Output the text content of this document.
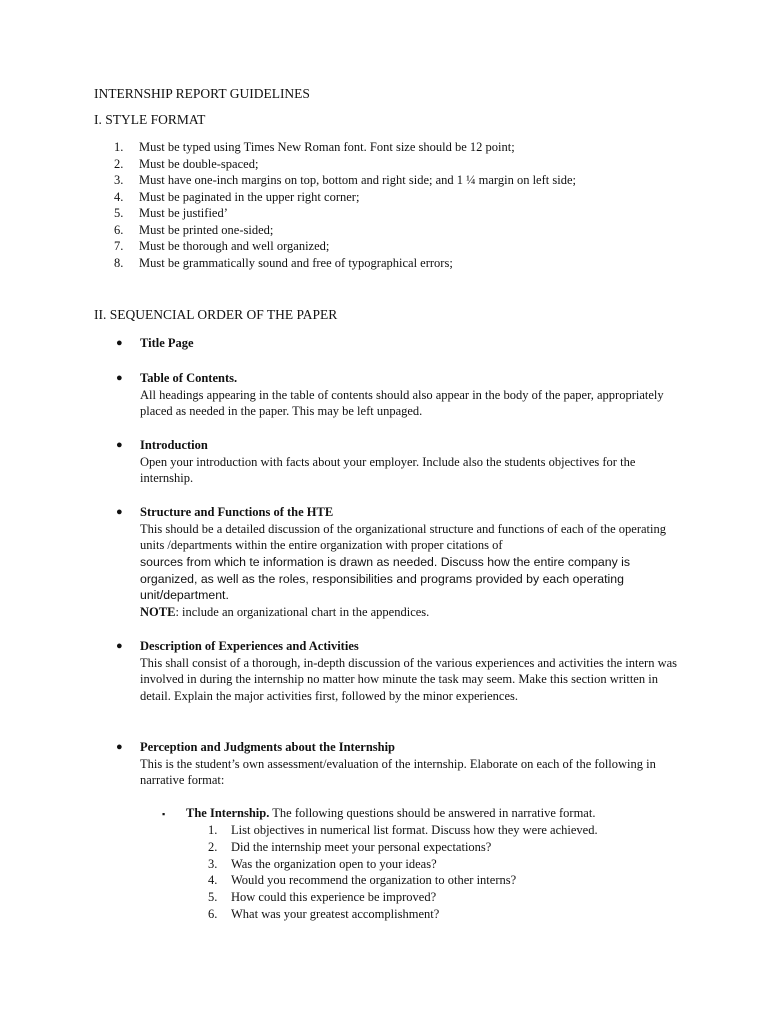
INTERNSHIP REPORT GUIDELINES
I. STYLE FORMAT
1.	Must be typed using Times New Roman font. Font size should be 12 point;
2.	Must be double-spaced;
3.	Must have one-inch margins on top, bottom and right side; and 1 ¼ margin on left side;
4.	Must be paginated in the upper right corner;
5.	Must be justified’
6.	Must be printed one-sided;
7.	Must be thorough and well organized;
8.	Must be grammatically sound and free of typographical errors;
II. SEQUENCIAL ORDER OF THE PAPER
● Title Page
● Table of Contents.
All headings appearing in the table of contents should also appear in the body of the paper, appropriately placed as needed in the paper. This may be left unpaged.
● Introduction
Open your introduction with facts about your employer. Include also the students objectives for the internship.
● Structure and Functions of the HTE

This should be a detailed discussion of the organizational structure and functions of each of the operating units /departments within the entire organization with proper citations of

sources from which te information is drawn as needed. Discuss how the entire company is organized, as well as the roles, responsibilities and programs provided by each operating unit/department.

NOTE: include an organizational chart in the appendices.

● Description of Experiences and Activities
This shall consist of a thorough, in-depth discussion of the various experiences and activities the intern was involved in during the internship no matter how minute the task may seem. Make this section written in detail. Explain the major activities first, followed by the minor experiences.
● Perception and Judgments about the Internship
This is the student’s own assessment/evaluation of the internship. Elaborate on each of the following in narrative format:
▪ The Internship. The following questions should be answered in narrative format.
1. List objectives in numerical list format. Discuss how they were achieved.
2. Did the internship meet your personal expectations?
3. Was the organization open to your ideas?
4. Would you recommend the organization to other interns?
5. How could this experience be improved?
6. What was your greatest accomplishment?
